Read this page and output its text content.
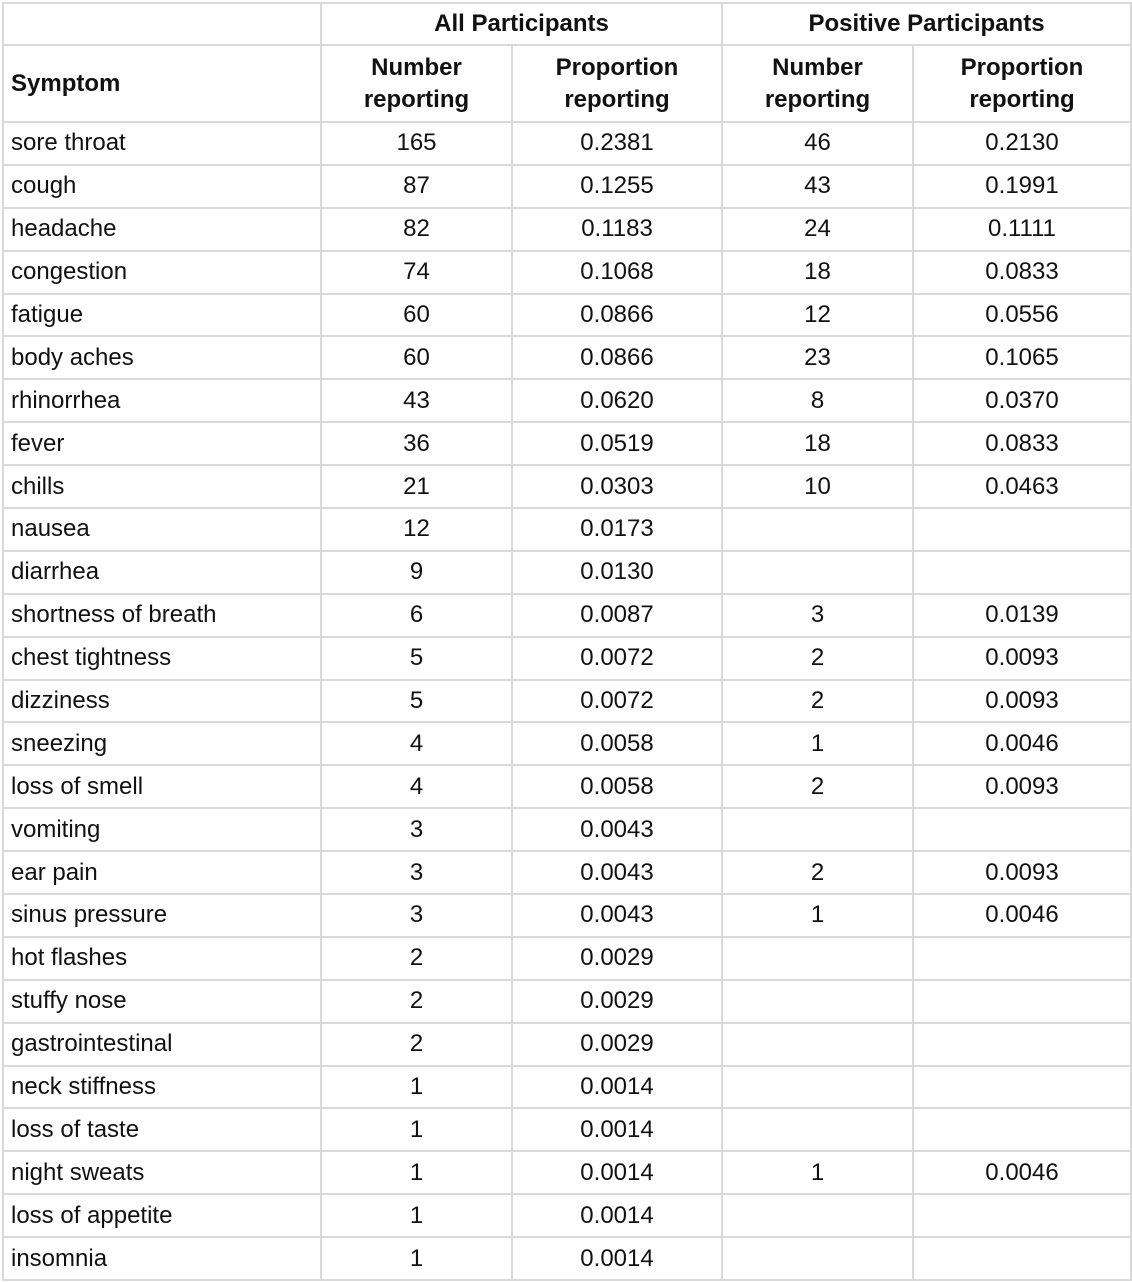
	All Participants		Positive Participants	
Symptom	Number reporting	Proportion reporting	Number reporting	Proportion reporting
sore throat	165	0.2381	46	0.2130
cough	87	0.1255	43	0.1991
headache	82	0.1183	24	0.1111
congestion	74	0.1068	18	0.0833
fatigue	60	0.0866	12	0.0556
body aches	60	0.0866	23	0.1065
rhinorrhea	43	0.0620	8	0.0370
fever	36	0.0519	18	0.0833
chills	21	0.0303	10	0.0463
nausea	12	0.0173		
diarrhea	9	0.0130		
shortness of breath	6	0.0087	3	0.0139
chest tightness	5	0.0072	2	0.0093
dizziness	5	0.0072	2	0.0093
sneezing	4	0.0058	1	0.0046
loss of smell	4	0.0058	2	0.0093
vomiting	3	0.0043		
ear pain	3	0.0043	2	0.0093
sinus pressure	3	0.0043	1	0.0046
hot flashes	2	0.0029		
stuffy nose	2	0.0029		
gastrointestinal	2	0.0029		
neck stiffness	1	0.0014		
loss of taste	1	0.0014		
night sweats	1	0.0014	1	0.0046
loss of appetite	1	0.0014		
insomnia	1	0.0014		
